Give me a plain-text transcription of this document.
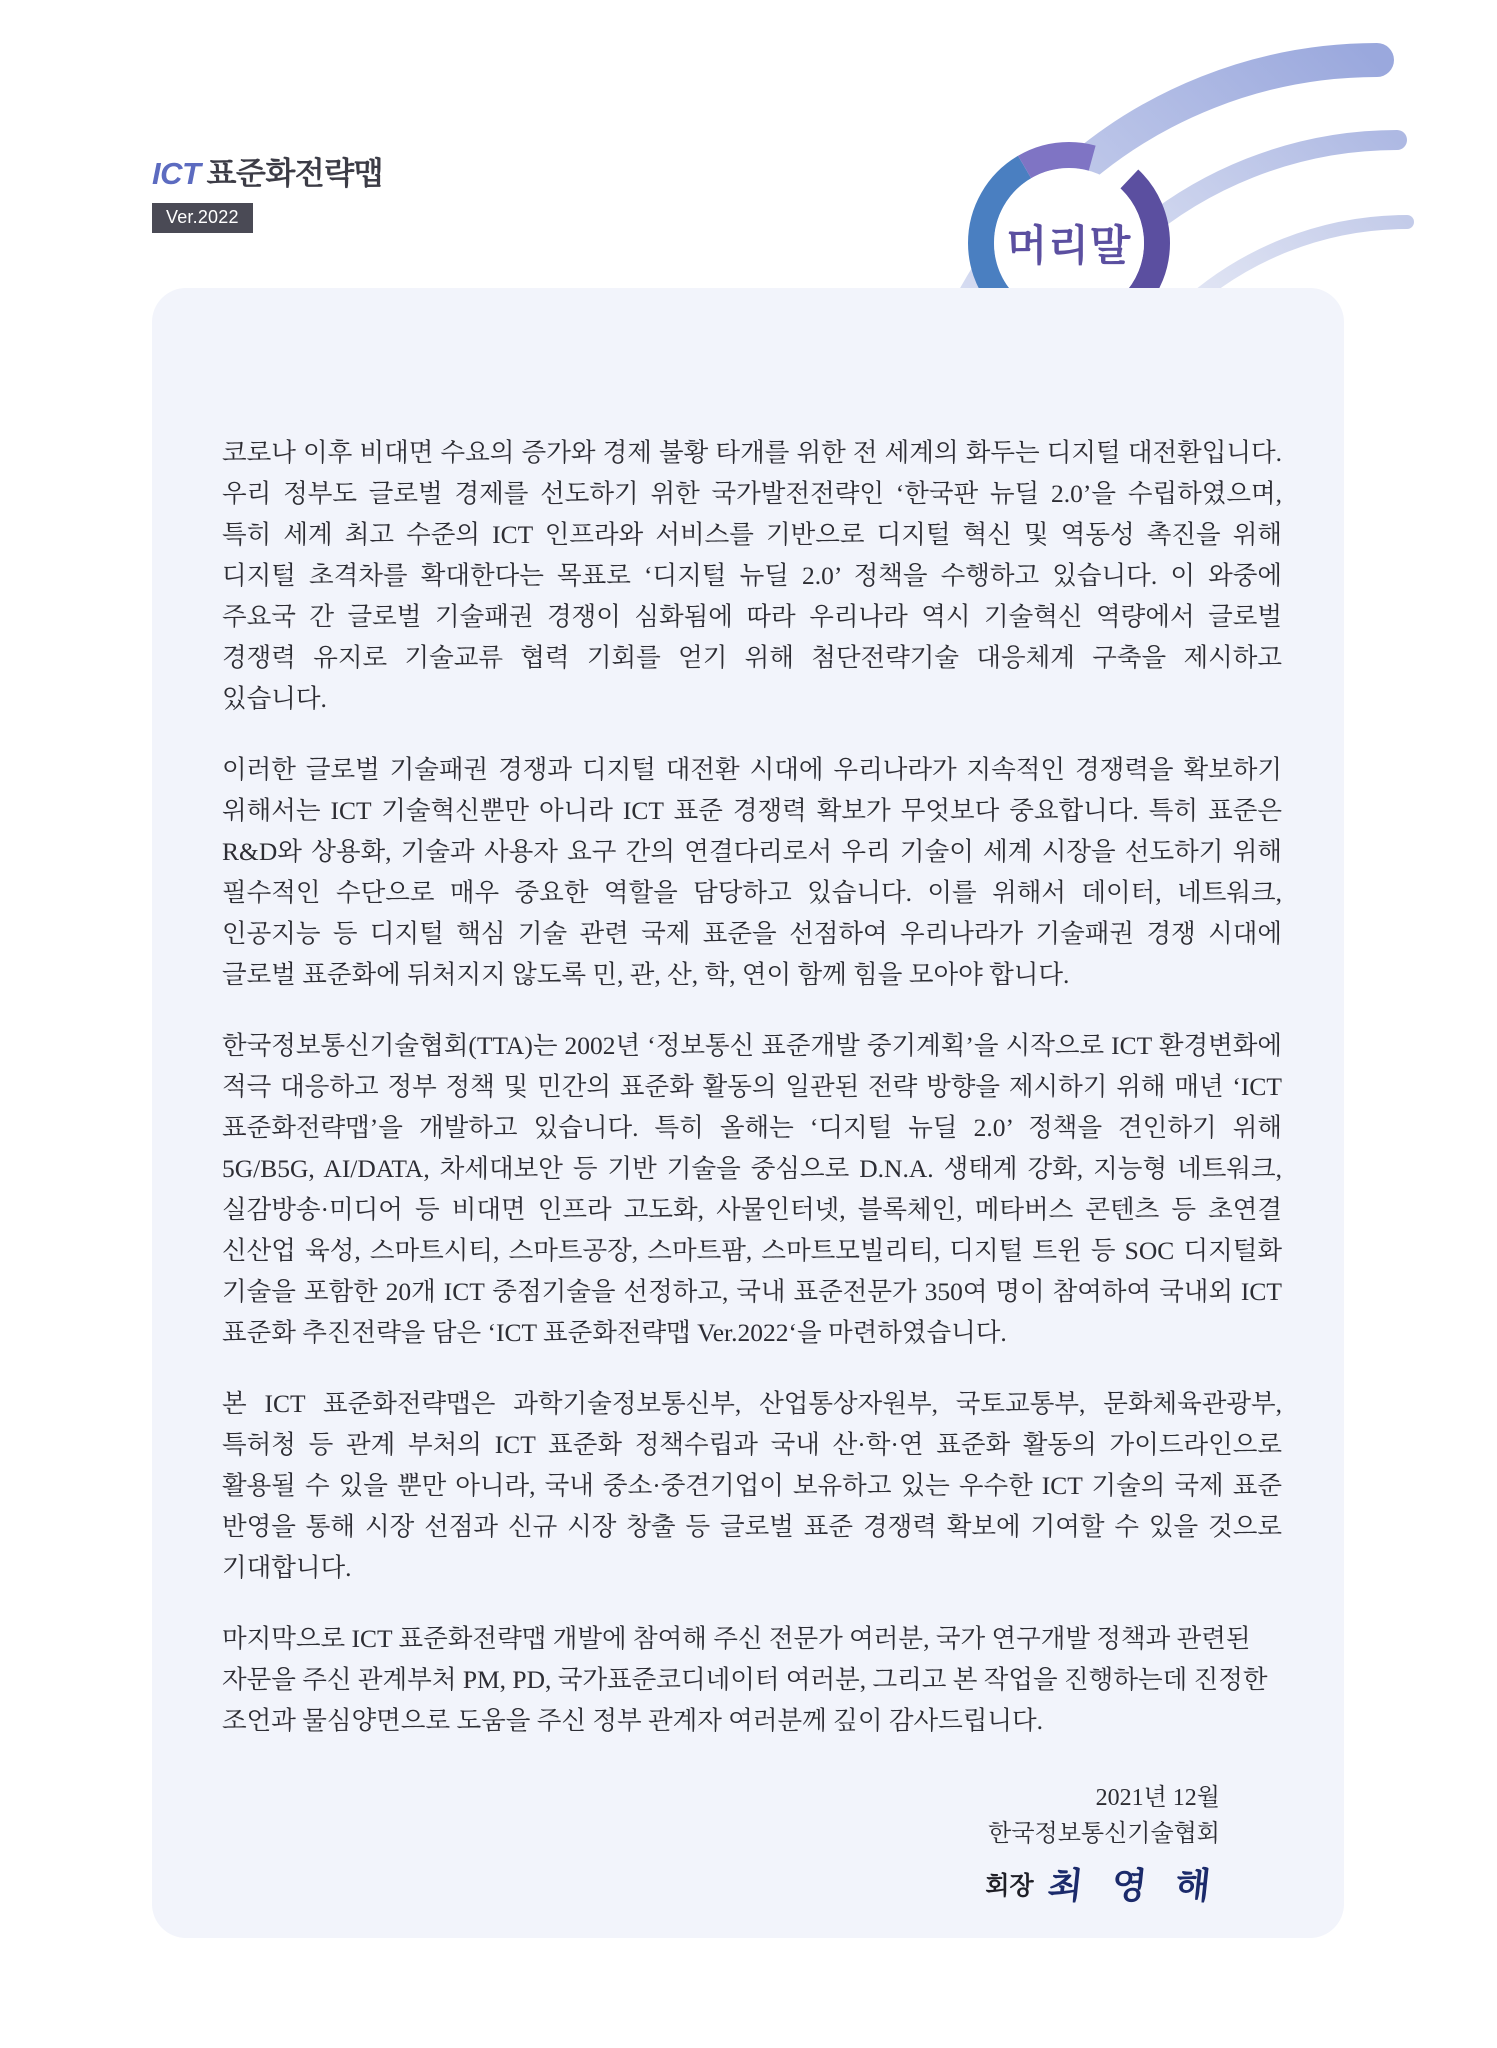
ICT 표준화전략맵
Ver.2022
머리말

코로나 이후 비대면 수요의 증가와 경제 불황 타개를 위한 전 세계의 화두는 디지털 대전환입니다. 우리 정부도 글로벌 경제를 선도하기 위한 국가발전전략인 ‘한국판 뉴딜 2.0’을 수립하였으며, 특히 세계 최고 수준의 ICT 인프라와 서비스를 기반으로 디지털 혁신 및 역동성 촉진을 위해 디지털 초격차를 확대한다는 목표로 ‘디지털 뉴딜 2.0’ 정책을 수행하고 있습니다. 이 와중에 주요국 간 글로벌 기술패권 경쟁이 심화됨에 따라 우리나라 역시 기술혁신 역량에서 글로벌 경쟁력 유지로 기술교류 협력 기회를 얻기 위해 첨단전략기술 대응체계 구축을 제시하고 있습니다.

이러한 글로벌 기술패권 경쟁과 디지털 대전환 시대에 우리나라가 지속적인 경쟁력을 확보하기 위해서는 ICT 기술혁신뿐만 아니라 ICT 표준 경쟁력 확보가 무엇보다 중요합니다. 특히 표준은 R&D와 상용화, 기술과 사용자 요구 간의 연결다리로서 우리 기술이 세계 시장을 선도하기 위해 필수적인 수단으로 매우 중요한 역할을 담당하고 있습니다. 이를 위해서 데이터, 네트워크, 인공지능 등 디지털 핵심 기술 관련 국제 표준을 선점하여 우리나라가 기술패권 경쟁 시대에 글로벌 표준화에 뒤처지지 않도록 민, 관, 산, 학, 연이 함께 힘을 모아야 합니다.

한국정보통신기술협회(TTA)는 2002년 ‘정보통신 표준개발 중기계획’을 시작으로 ICT 환경변화에 적극 대응하고 정부 정책 및 민간의 표준화 활동의 일관된 전략 방향을 제시하기 위해 매년 ‘ICT 표준화전략맵’을 개발하고 있습니다. 특히 올해는 ‘디지털 뉴딜 2.0’ 정책을 견인하기 위해 5G/B5G, AI/DATA, 차세대보안 등 기반 기술을 중심으로 D.N.A. 생태계 강화, 지능형 네트워크, 실감방송·미디어 등 비대면 인프라 고도화, 사물인터넷, 블록체인, 메타버스 콘텐츠 등 초연결 신산업 육성, 스마트시티, 스마트공장, 스마트팜, 스마트모빌리티, 디지털 트윈 등 SOC 디지털화 기술을 포함한 20개 ICT 중점기술을 선정하고, 국내 표준전문가 350여 명이 참여하여 국내외 ICT 표준화 추진전략을 담은 ‘ICT 표준화전략맵 Ver.2022‘을 마련하였습니다.

본 ICT 표준화전략맵은 과학기술정보통신부, 산업통상자원부, 국토교통부, 문화체육관광부, 특허청 등 관계 부처의 ICT 표준화 정책수립과 국내 산·학·연 표준화 활동의 가이드라인으로 활용될 수 있을 뿐만 아니라, 국내 중소·중견기업이 보유하고 있는 우수한 ICT 기술의 국제 표준 반영을 통해 시장 선점과 신규 시장 창출 등 글로벌 표준 경쟁력 확보에 기여할 수 있을 것으로 기대합니다.

마지막으로 ICT 표준화전략맵 개발에 참여해 주신 전문가 여러분, 국가 연구개발 정책과 관련된 자문을 주신 관계부처 PM, PD, 국가표준코디네이터 여러분, 그리고 본 작업을 진행하는데 진정한 조언과 물심양면으로 도움을 주신 정부 관계자 여러분께 깊이 감사드립니다.

2021년 12월
한국정보통신기술협회
회장 최 영 해
